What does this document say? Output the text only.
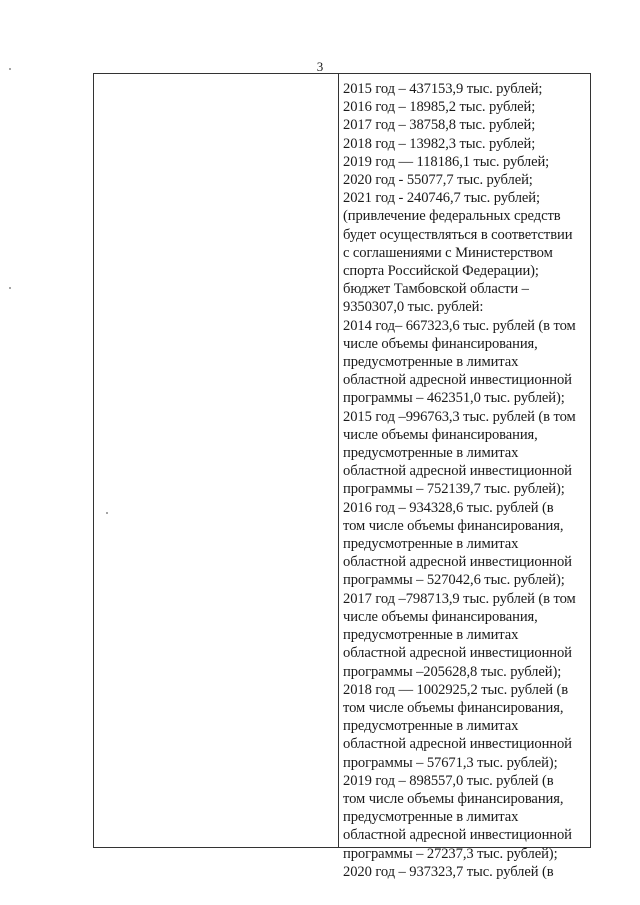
3
2015 год – 437153,9 тыс. рублей;
2016 год – 18985,2 тыс. рублей;
2017 год – 38758,8 тыс. рублей;
2018 год – 13982,3 тыс. рублей;
2019 год — 118186,1 тыс. рублей;
2020 год - 55077,7 тыс. рублей;
2021 год - 240746,7 тыс. рублей;
(привлечение федеральных средств
будет осуществляться в соответствии
с соглашениями с Министерством
спорта Российской Федерации);
бюджет Тамбовской области –
9350307,0 тыс. рублей:
2014 год– 667323,6 тыс. рублей (в том
числе объемы финансирования,
предусмотренные в лимитах
областной адресной инвестиционной
программы – 462351,0 тыс. рублей);
2015 год –996763,3 тыс. рублей (в том
числе объемы финансирования,
предусмотренные в лимитах
областной адресной инвестиционной
программы – 752139,7 тыс. рублей);
2016 год – 934328,6 тыс. рублей (в
том числе объемы финансирования,
предусмотренные в лимитах
областной адресной инвестиционной
программы – 527042,6 тыс. рублей);
2017 год –798713,9 тыс. рублей (в том
числе объемы финансирования,
предусмотренные в лимитах
областной адресной инвестиционной
программы –205628,8 тыс. рублей);
2018 год — 1002925,2 тыс. рублей (в
том числе объемы финансирования,
предусмотренные в лимитах
областной адресной инвестиционной
программы – 57671,3 тыс. рублей);
2019 год – 898557,0 тыс. рублей (в
том числе объемы финансирования,
предусмотренные в лимитах
областной адресной инвестиционной
программы – 27237,3 тыс. рублей);
2020 год – 937323,7 тыс. рублей (в
